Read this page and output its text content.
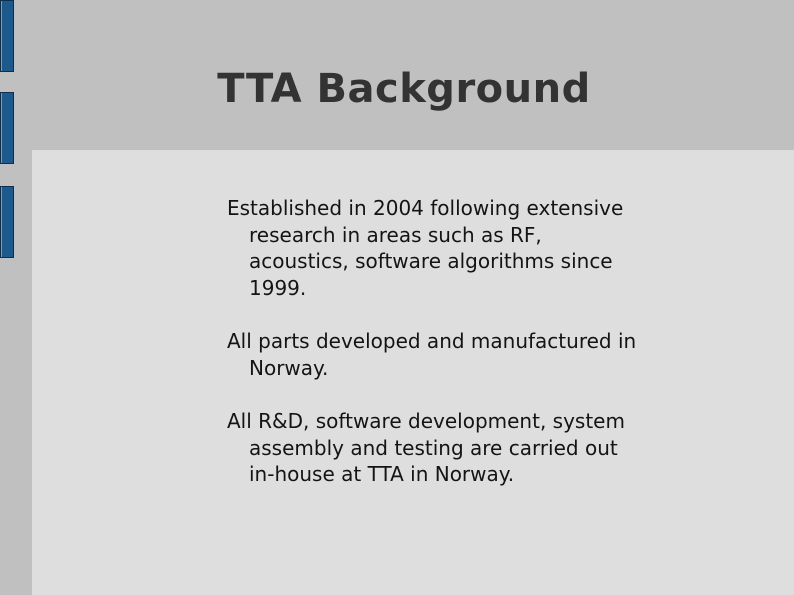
TTA Background
Established in 2004 following extensive research in areas such as RF, acoustics, software algorithms since 1999.
All parts developed and manufactured in Norway.
All R&D, software development, system assembly and testing are carried out in-house at TTA in Norway.
